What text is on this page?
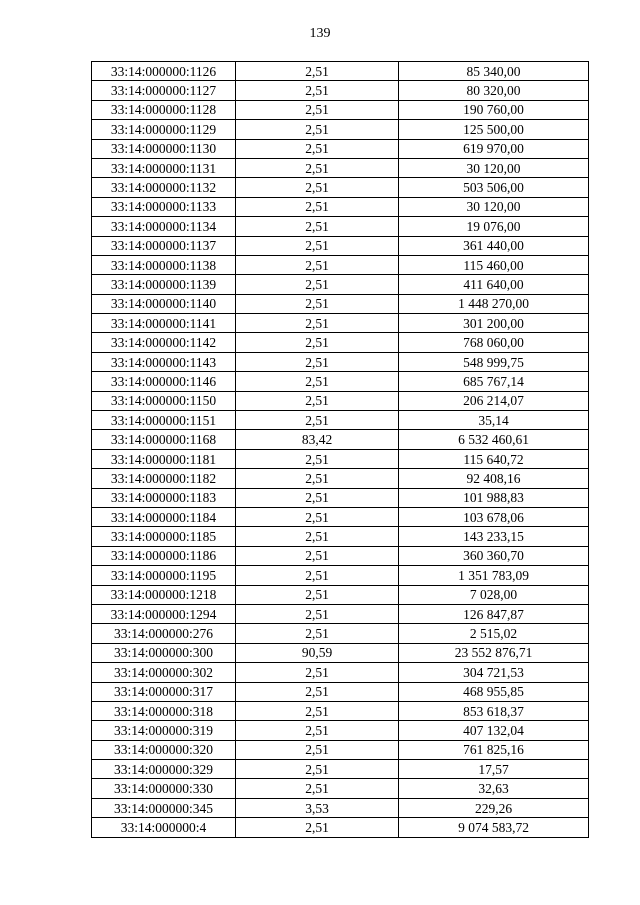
139
33:14:000000:1126	2,51	85 340,00
33:14:000000:1127	2,51	80 320,00
33:14:000000:1128	2,51	190 760,00
33:14:000000:1129	2,51	125 500,00
33:14:000000:1130	2,51	619 970,00
33:14:000000:1131	2,51	30 120,00
33:14:000000:1132	2,51	503 506,00
33:14:000000:1133	2,51	30 120,00
33:14:000000:1134	2,51	19 076,00
33:14:000000:1137	2,51	361 440,00
33:14:000000:1138	2,51	115 460,00
33:14:000000:1139	2,51	411 640,00
33:14:000000:1140	2,51	1 448 270,00
33:14:000000:1141	2,51	301 200,00
33:14:000000:1142	2,51	768 060,00
33:14:000000:1143	2,51	548 999,75
33:14:000000:1146	2,51	685 767,14
33:14:000000:1150	2,51	206 214,07
33:14:000000:1151	2,51	35,14
33:14:000000:1168	83,42	6 532 460,61
33:14:000000:1181	2,51	115 640,72
33:14:000000:1182	2,51	92 408,16
33:14:000000:1183	2,51	101 988,83
33:14:000000:1184	2,51	103 678,06
33:14:000000:1185	2,51	143 233,15
33:14:000000:1186	2,51	360 360,70
33:14:000000:1195	2,51	1 351 783,09
33:14:000000:1218	2,51	7 028,00
33:14:000000:1294	2,51	126 847,87
33:14:000000:276	2,51	2 515,02
33:14:000000:300	90,59	23 552 876,71
33:14:000000:302	2,51	304 721,53
33:14:000000:317	2,51	468 955,85
33:14:000000:318	2,51	853 618,37
33:14:000000:319	2,51	407 132,04
33:14:000000:320	2,51	761 825,16
33:14:000000:329	2,51	17,57
33:14:000000:330	2,51	32,63
33:14:000000:345	3,53	229,26
33:14:000000:4	2,51	9 074 583,72
